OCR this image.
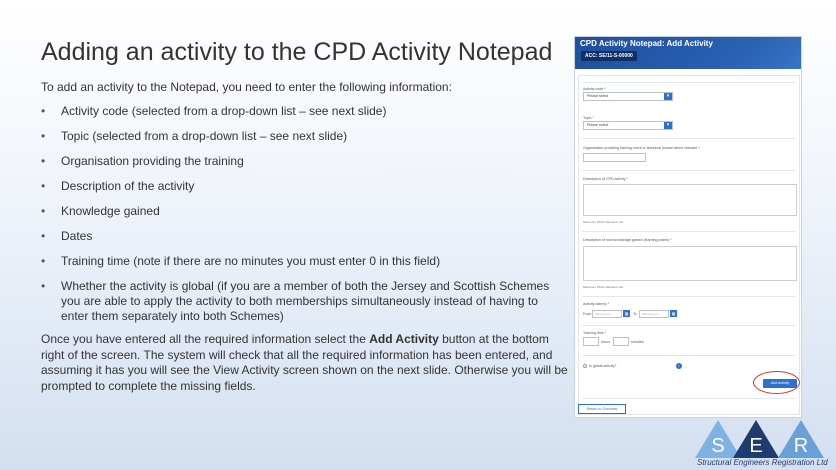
Adding an activity to the CPD Activity Notepad

To add an activity to the Notepad, you need to enter the following information:

• Activity code (selected from a drop-down list – see next slide)
• Topic (selected from a drop-down list – see next slide)
• Organisation providing the training
• Description of the activity
• Knowledge gained
• Dates
• Training time (note if there are no minutes you must enter 0 in this field)
• Whether the activity is global (if you are a member of both the Jersey and Scottish Schemes you are able to apply the activity to both memberships simultaneously instead of having to enter them separately into both Schemes)

Once you have entered all the required information select the Add Activity button at the bottom right of the screen. The system will check that all the required information has been entered, and assuming it has you will see the View Activity screen shown on the next slide. Otherwise you will be prompted to complete the missing fields.

CPD Activity Notepad: Add Activity
ACC: SE/11-S-00000
Activity code *
Please select	▾
Topic *
Please select	▾
Organisation providing training event or technical journal where relevant *
Description of CPD activity *
Maximum 1500 characters left
Description of new knowledge gained (learning points) *
Maximum 1500 characters left
Activity date(s) *
From	dd/mm/yyyy	▦	To	dd/mm/yyyy	▦
Training time *
hours	minutes
Is global activity?	i
Add Activity
Return to Overview
S E R
Structural Engineers Registration Ltd
